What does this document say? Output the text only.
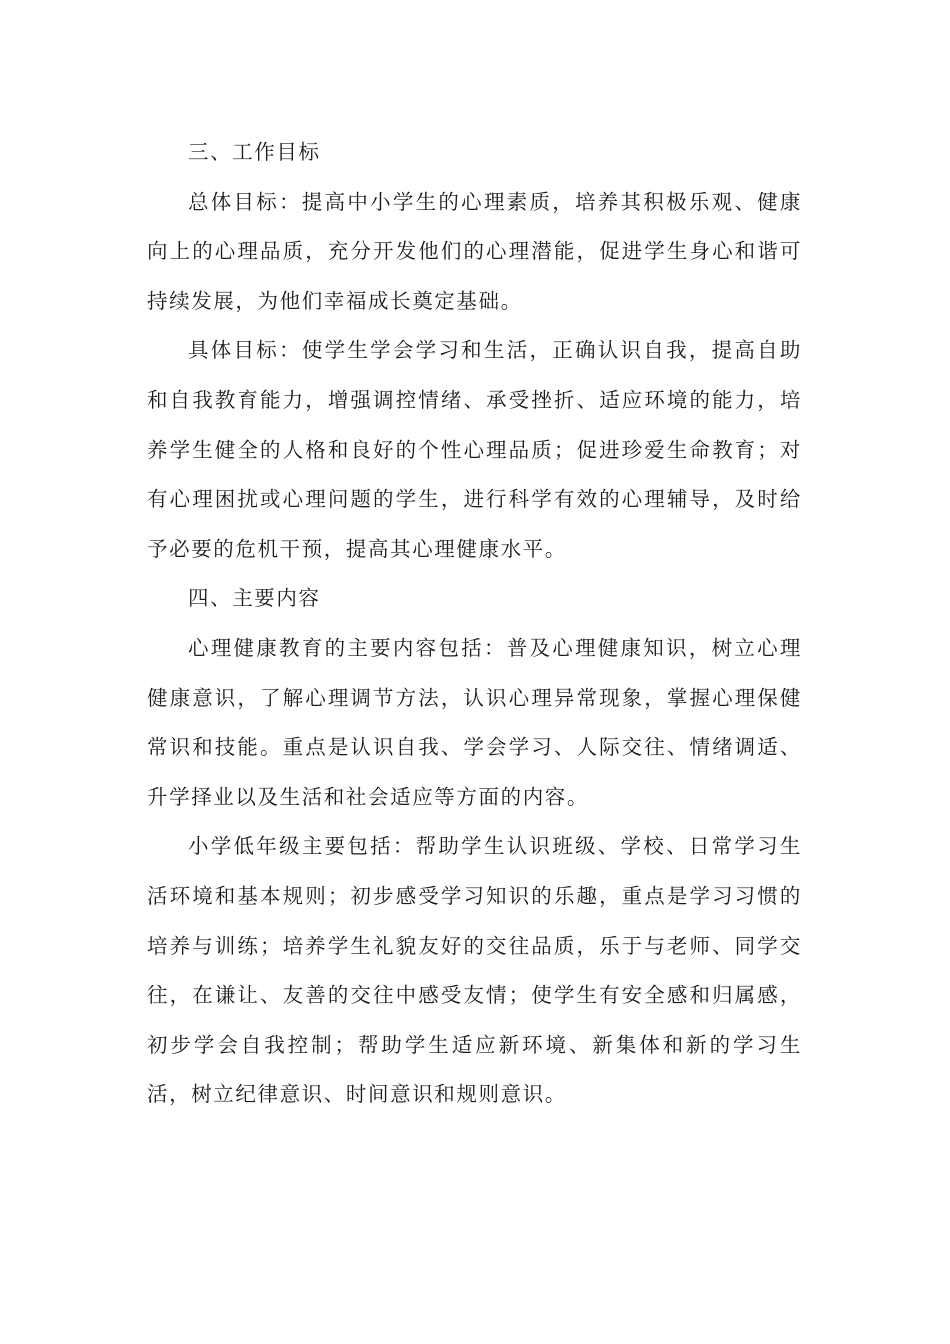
三、工作目标

总体目标：提高中小学生的心理素质，培养其积极乐观、健康向上的心理品质，充分开发他们的心理潜能，促进学生身心和谐可持续发展，为他们幸福成长奠定基础。

具体目标：使学生学会学习和生活，正确认识自我，提高自助和自我教育能力，增强调控情绪、承受挫折、适应环境的能力，培养学生健全的人格和良好的个性心理品质；促进珍爱生命教育；对有心理困扰或心理问题的学生，进行科学有效的心理辅导，及时给予必要的危机干预，提高其心理健康水平。

四、主要内容

心理健康教育的主要内容包括：普及心理健康知识，树立心理健康意识，了解心理调节方法，认识心理异常现象，掌握心理保健常识和技能。重点是认识自我、学会学习、人际交往、情绪调适、升学择业以及生活和社会适应等方面的内容。

小学低年级主要包括：帮助学生认识班级、学校、日常学习生活环境和基本规则；初步感受学习知识的乐趣，重点是学习习惯的培养与训练；培养学生礼貌友好的交往品质，乐于与老师、同学交往，在谦让、友善的交往中感受友情；使学生有安全感和归属感，初步学会自我控制；帮助学生适应新环境、新集体和新的学习生活，树立纪律意识、时间意识和规则意识。
